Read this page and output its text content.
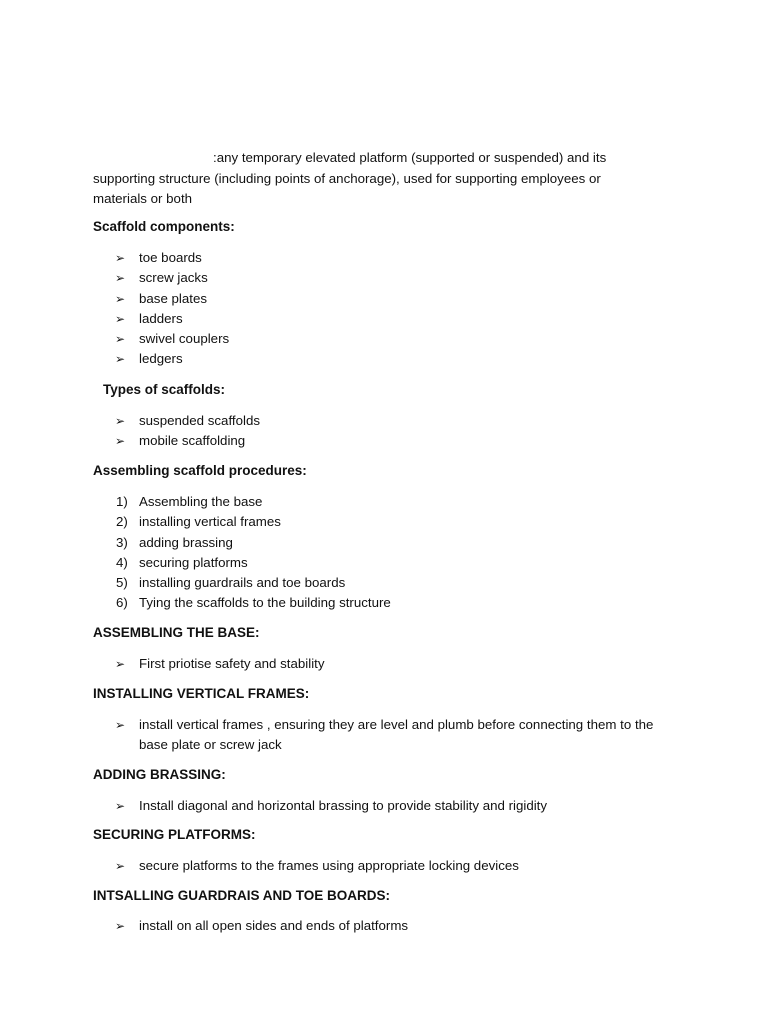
:any temporary elevated platform (supported or suspended) and its supporting structure (including points of anchorage), used for supporting employees or materials or both

Scaffold components:
➢	toe boards
➢	screw jacks
➢	base plates
➢	ladders
➢	swivel couplers
➢	ledgers
Types of scaffolds:
➢	suspended scaffolds
➢	mobile scaffolding
Assembling scaffold procedures:
1) Assembling the base
2) installing vertical frames
3) adding brassing
4) securing platforms
5) installing guardrails and toe boards
6) Tying the scaffolds to the building structure
ASSEMBLING THE BASE:
➢	First priotise safety and stability
INSTALLING VERTICAL FRAMES:
➢	install vertical frames , ensuring they are level and plumb before connecting them to the base plate or screw jack
ADDING BRASSING:
➢	Install diagonal and horizontal brassing to provide stability and rigidity
SECURING PLATFORMS:
➢	secure platforms to the frames using appropriate locking devices
INTSALLING GUARDRAIS AND TOE BOARDS:
➢	install on all open sides and ends of platforms
